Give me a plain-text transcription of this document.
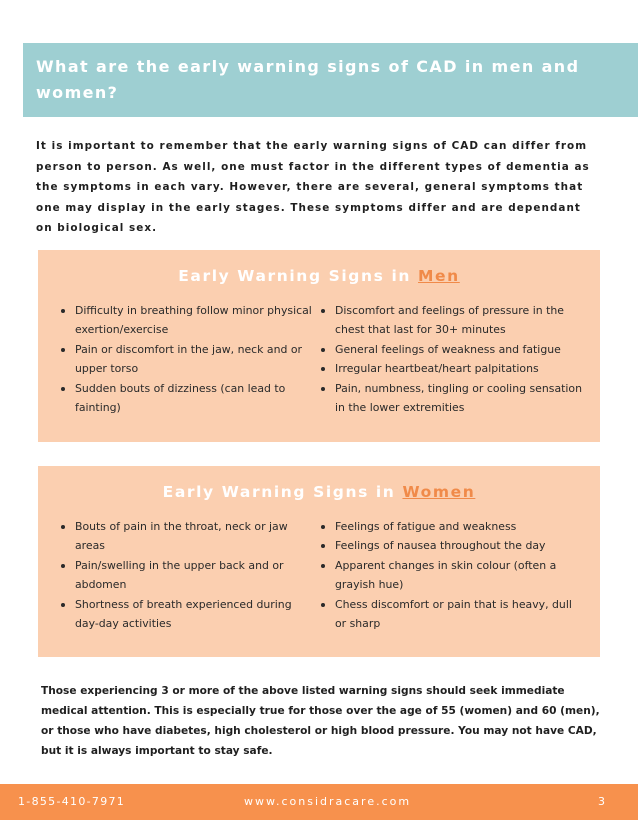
What are the early warning signs of CAD in men and women?

It is important to remember that the early warning signs of CAD can differ from person to person. As well, one must factor in the different types of dementia as the symptoms in each vary. However, there are several, general symptoms that one may display in the early stages. These symptoms differ and are dependant on biological sex.

Early Warning Signs in Men
Difficulty in breathing follow minor physical exertion/exercise
Pain or discomfort in the jaw, neck and or upper torso
Sudden bouts of dizziness (can lead to fainting)
Discomfort and feelings of pressure in the chest that last for 30+ minutes
General feelings of weakness and fatigue
Irregular heartbeat/heart palpitations
Pain, numbness, tingling or cooling sensation in the lower extremities
Early Warning Signs in Women
Bouts of pain in the throat, neck or jaw areas
Pain/swelling in the upper back and or abdomen
Shortness of breath experienced during day-day activities
Feelings of fatigue and weakness
Feelings of nausea throughout the day
Apparent changes in skin colour (often a grayish hue)
Chess discomfort or pain that is heavy, dull or sharp

Those experiencing 3 or more of the above listed warning signs should seek immediate medical attention. This is especially true for those over the age of 55 (women) and 60 (men), or those who have diabetes, high cholesterol or high blood pressure. You may not have CAD, but it is always important to stay safe.

1-855-410-7971	www.considracare.com	3
